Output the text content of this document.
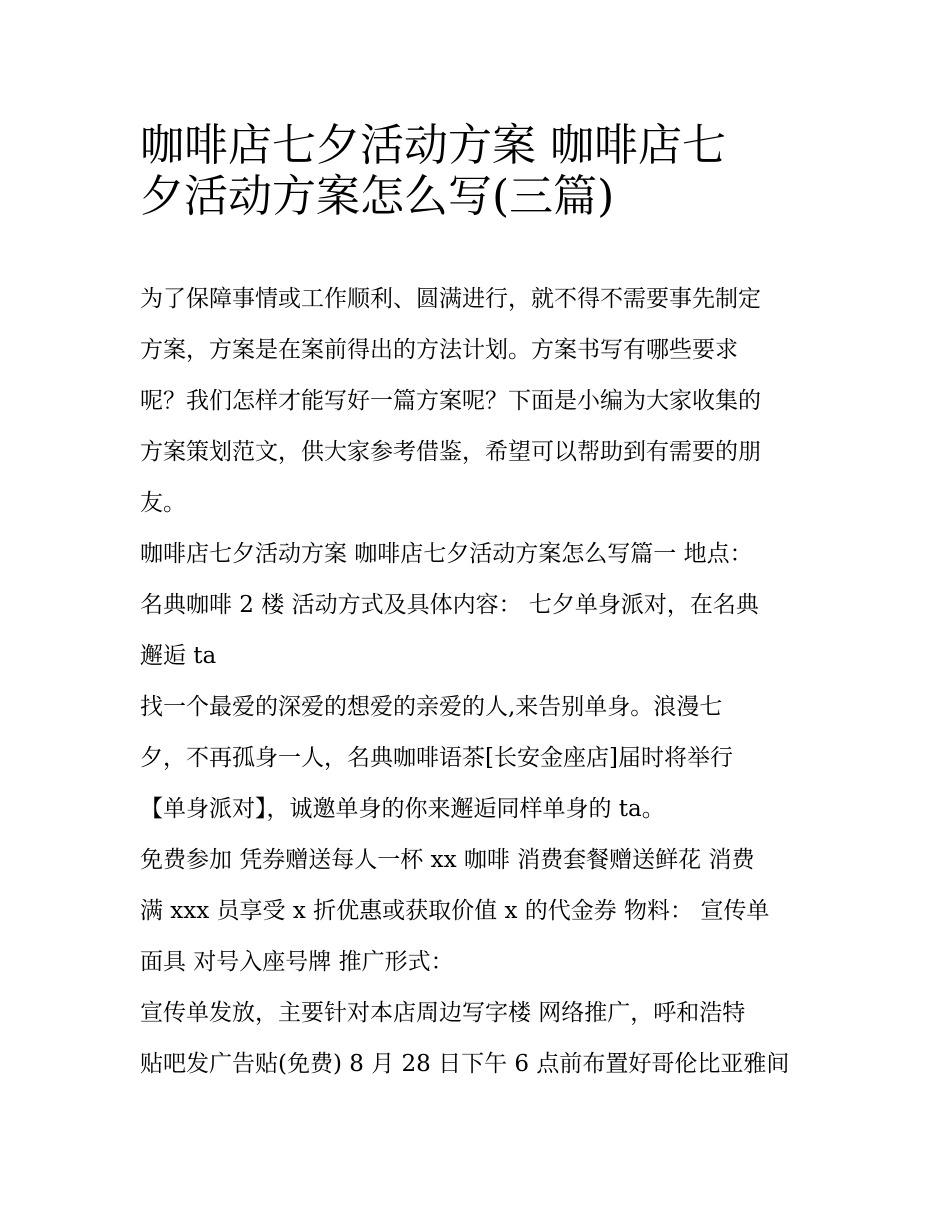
咖啡店七夕活动方案 咖啡店七
夕活动方案怎么写(三篇)

为了保障事情或工作顺利、圆满进行，就不得不需要事先制定
方案，方案是在案前得出的方法计划。方案书写有哪些要求
呢？我们怎样才能写好一篇方案呢？下面是小编为大家收集的
方案策划范文，供大家参考借鉴，希望可以帮助到有需要的朋
友。

咖啡店七夕活动方案 咖啡店七夕活动方案怎么写篇一 地点：
名典咖啡 2 楼 活动方式及具体内容： 七夕单身派对，在名典
邂逅 ta

找一个最爱的深爱的想爱的亲爱的人,来告别单身。浪漫七
夕，不再孤身一人，名典咖啡语茶[长安金座店]届时将举行
【单身派对】，诚邀单身的你来邂逅同样单身的 ta。

免费参加 凭券赠送每人一杯 xx 咖啡 消费套餐赠送鲜花 消费
满 xxx 员享受 x 折优惠或获取价值 x 的代金券 物料： 宣传单
面具 对号入座号牌 推广形式：

宣传单发放，主要针对本店周边写字楼 网络推广，呼和浩特
贴吧发广告贴(免费) 8 月 28 日下午 6 点前布置好哥伦比亚雅间
